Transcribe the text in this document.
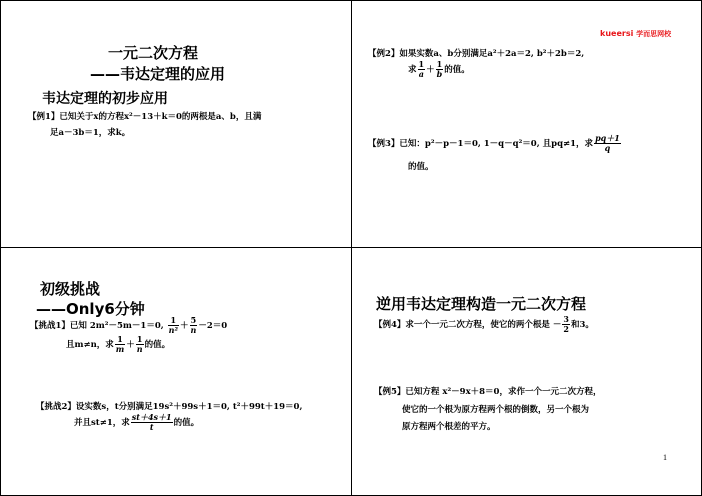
一元二次方程
——韦达定理的应用
韦达定理的初步应用
【例1】已知关于x的方程x²－13＋k＝0的两根是a、b，且满
足a－3b＝1，求k。
kueersi 学而思网校
【例2】如果实数a、b分别满足a²＋2a＝2, b²＋2b＝2,
求 $\frac{1}{a} + \frac{1}{b}$ 的值。
【例3】已知：p²－p－1＝0, 1－q－q²＝0, 且pq≠1，求 $\frac{pq+1}{q}$
的值。
初级挑战
——Only6分钟
【挑战1】已知 2m²－5m－1＝0, $\frac{1}{\text{n²}} + \frac{5}{n} -2=0$
且m≠n，求 $\frac{1}{m} + \frac{1}{n}$ 的值。
【挑战2】设实数s，t分别满足19s²＋99s＋1＝0, t²＋99t＋19＝0,
并且st≠1，求 $\frac{st+4s+1}{t}$ 的值。
逆用韦达定理构造一元二次方程
【例4】求一个一元二次方程，使它的两个根是 － $\frac{3}{2}$ 和3。
【例5】已知方程 x²－9x＋8＝0，求作一个一元二次方程，
使它的一个根为原方程两个根的倒数，另一个根为
原方程两个根差的平方。
1
